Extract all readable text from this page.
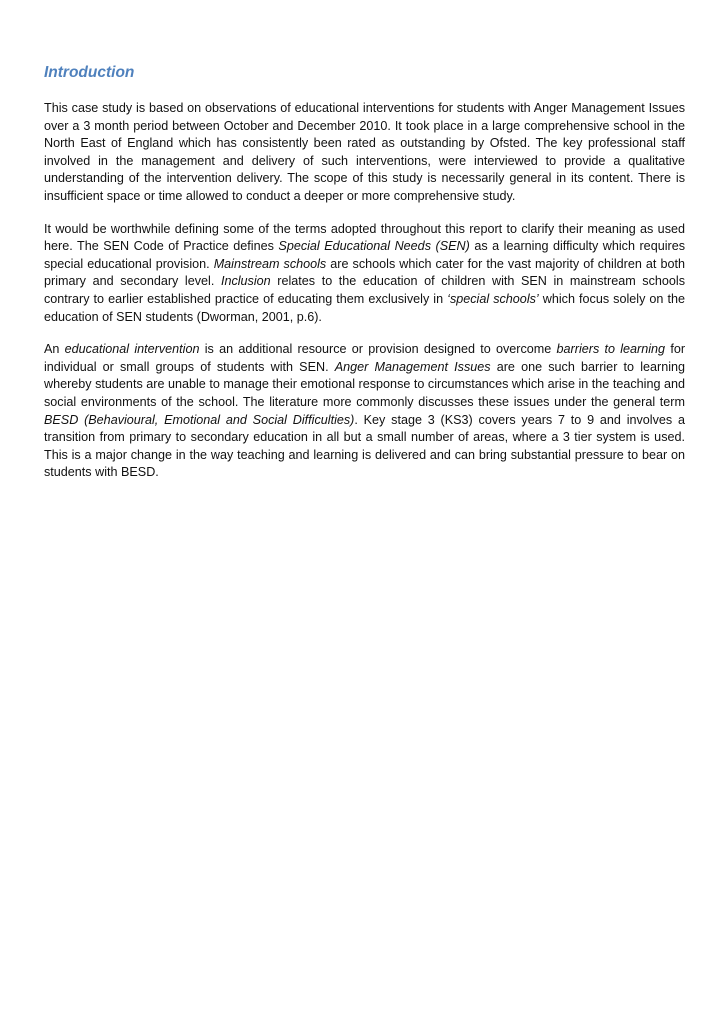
Introduction

This case study is based on observations of educational interventions for students with Anger Management Issues over a 3 month period between October and December 2010. It took place in a large comprehensive school in the North East of England which has consistently been rated as outstanding by Ofsted. The key professional staff involved in the management and delivery of such interventions, were interviewed to provide a qualitative understanding of the intervention delivery. The scope of this study is necessarily general in its content. There is insufficient space or time allowed to conduct a deeper or more comprehensive study.

It would be worthwhile defining some of the terms adopted throughout this report to clarify their meaning as used here. The SEN Code of Practice defines Special Educational Needs (SEN) as a learning difficulty which requires special educational provision. Mainstream schools are schools which cater for the vast majority of children at both primary and secondary level. Inclusion relates to the education of children with SEN in mainstream schools contrary to earlier established practice of educating them exclusively in ‘special schools’ which focus solely on the education of SEN students (Dworman, 2001, p.6).

An educational intervention is an additional resource or provision designed to overcome barriers to learning for individual or small groups of students with SEN. Anger Management Issues are one such barrier to learning whereby students are unable to manage their emotional response to circumstances which arise in the teaching and social environments of the school. The literature more commonly discusses these issues under the general term BESD (Behavioural, Emotional and Social Difficulties). Key stage 3 (KS3) covers years 7 to 9 and involves a transition from primary to secondary education in all but a small number of areas, where a 3 tier system is used. This is a major change in the way teaching and learning is delivered and can bring substantial pressure to bear on students with BESD.
